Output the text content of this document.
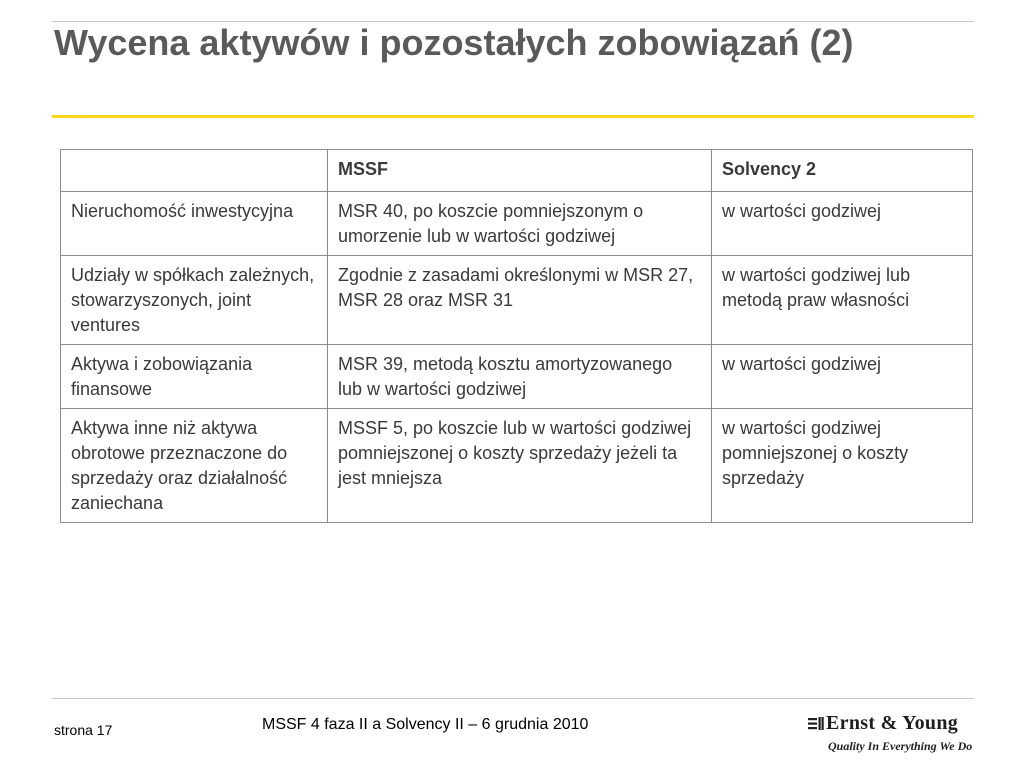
Wycena aktywów i pozostałych zobowiązań (2)
	MSSF	Solvency 2
Nieruchomość inwestycyjna	MSR 40, po koszcie pomniejszonym o umorzenie lub w wartości godziwej	w wartości godziwej
Udziały w spółkach zależnych, stowarzyszonych, joint ventures	Zgodnie z zasadami określonymi w MSR 27, MSR 28 oraz MSR 31	w wartości godziwej lub metodą praw własności
Aktywa i zobowiązania finansowe	MSR 39, metodą kosztu amortyzowanego lub w wartości godziwej	w wartości godziwej
Aktywa inne niż aktywa obrotowe przeznaczone do sprzedaży oraz działalność zaniechana	MSSF 5, po koszcie lub w wartości godziwej pomniejszonej o koszty sprzedaży jeżeli ta jest mniejsza	w wartości godziwej pomniejszonej o koszty sprzedaży
strona 17	MSSF 4 faza II a Solvency II – 6 grudnia 2010	Ernst & Young
Quality In Everything We Do
